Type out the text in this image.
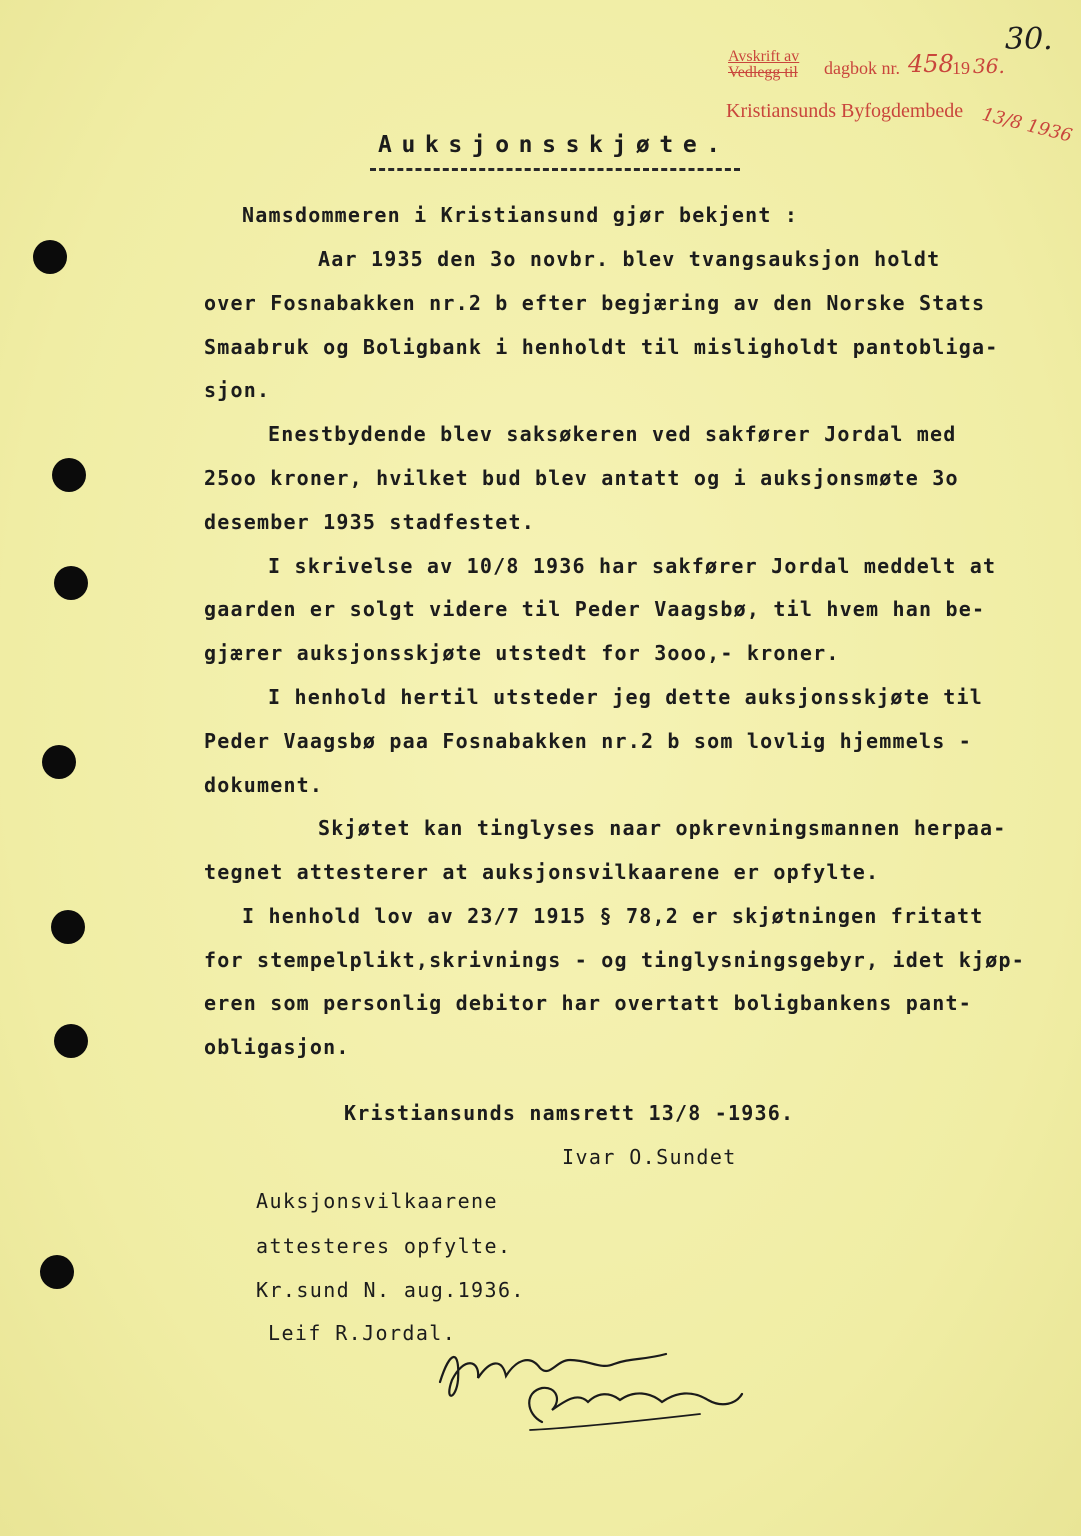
30.
Avskrift av
Vedlegg til dagbok nr. 458
19 36.
Kristiansunds Byfogdembede 13/8 1936
Auksjonsskjøte.
Namsdommeren i Kristiansund gjør bekjent :
Aar 1935 den 3o novbr. blev tvangsauksjon holdt
over Fosnabakken nr.2 b efter begjæring av den Norske Stats
Smaabruk og Boligbank i henholdt til misligholdt pantobliga-
sjon.
Enestbydende blev saksøkeren ved sakfører Jordal med
25oo kroner, hvilket bud blev antatt og i auksjonsmøte 3o
desember 1935 stadfestet.
I skrivelse av 10/8 1936 har sakfører Jordal meddelt at
gaarden er solgt videre til Peder Vaagsbø, til hvem han be-
gjærer auksjonsskjøte utstedt for 3ooo,- kroner.
I henhold hertil utsteder jeg dette auksjonsskjøte til
Peder Vaagsbø paa Fosnabakken nr.2 b som lovlig hjemmels -
dokument.
Skjøtet kan tinglyses naar opkrevningsmannen herpaa-
tegnet attesterer at auksjonsvilkaarene er opfylte.
I henhold lov av 23/7 1915 § 78,2 er skjøtningen fritatt
for stempelplikt,skrivnings - og tinglysningsgebyr, idet kjøp-
eren som personlig debitor har overtatt boligbankens pant-
obligasjon.
Kristiansunds namsrett 13/8 -1936.
Ivar O.Sundet
Auksjonsvilkaarene
attesteres opfylte.
Kr.sund N. aug.1936.
Leif R.Jordal.
